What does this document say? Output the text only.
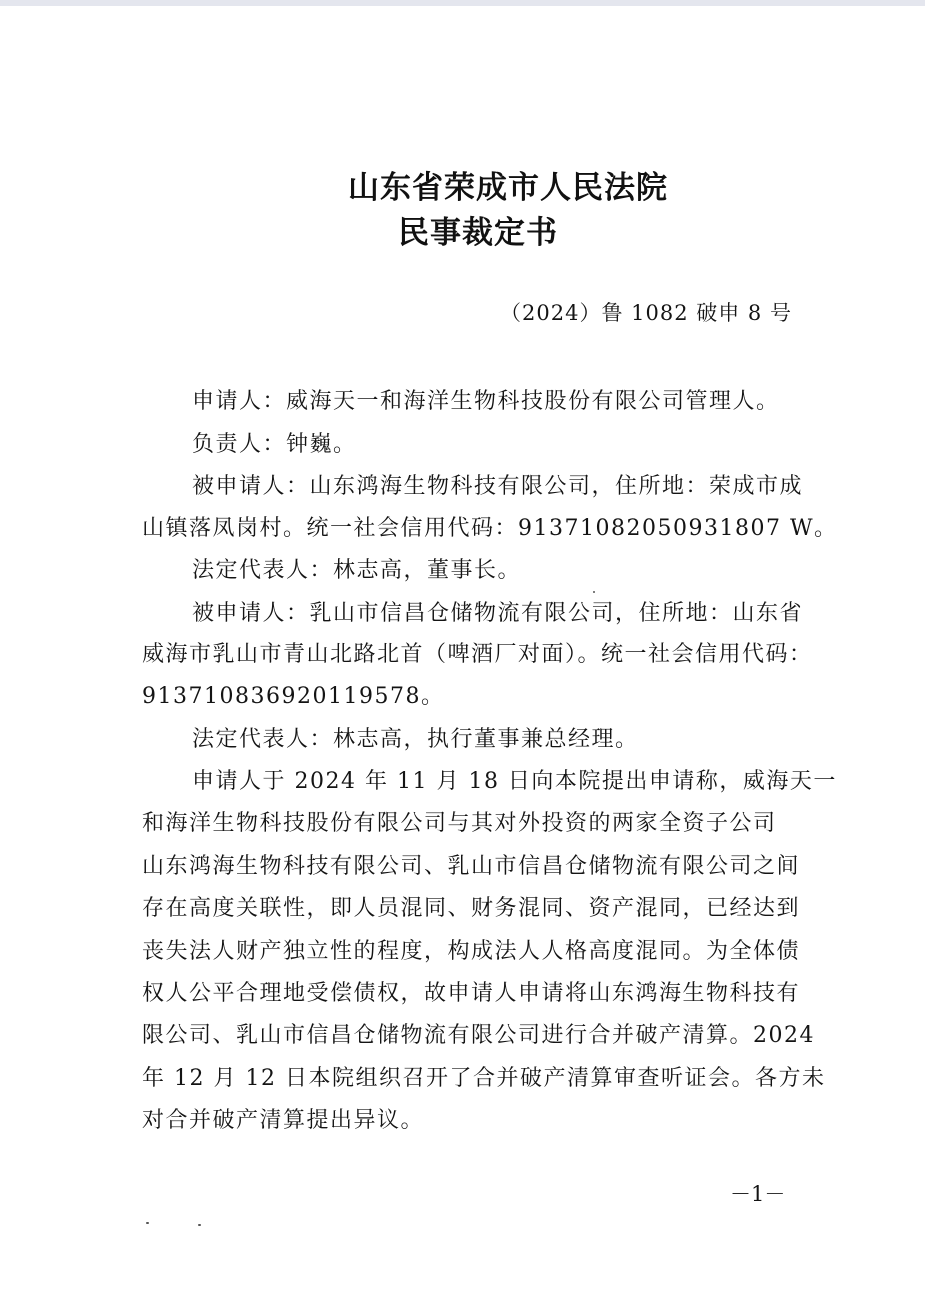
山东省荣成市人民法院
民事裁定书
（2024）鲁 1082 破申 8 号
申请人：威海天一和海洋生物科技股份有限公司管理人。
负责人：钟巍。
被申请人：山东鸿海生物科技有限公司，住所地：荣成市成
山镇落凤岗村。统一社会信用代码：91371082050931807 W。
法定代表人：林志高，董事长。
被申请人：乳山市信昌仓储物流有限公司，住所地：山东省
威海市乳山市青山北路北首（啤酒厂对面）。统一社会信用代码：
913710836920119578。
法定代表人：林志高，执行董事兼总经理。
申请人于 2024 年 11 月 18 日向本院提出申请称，威海天一
和海洋生物科技股份有限公司与其对外投资的两家全资子公司
山东鸿海生物科技有限公司、乳山市信昌仓储物流有限公司之间
存在高度关联性，即人员混同、财务混同、资产混同，已经达到
丧失法人财产独立性的程度，构成法人人格高度混同。为全体债
权人公平合理地受偿债权，故申请人申请将山东鸿海生物科技有
限公司、乳山市信昌仓储物流有限公司进行合并破产清算。2024
年 12 月 12 日本院组织召开了合并破产清算审查听证会。各方未
对合并破产清算提出异议。
－1－
